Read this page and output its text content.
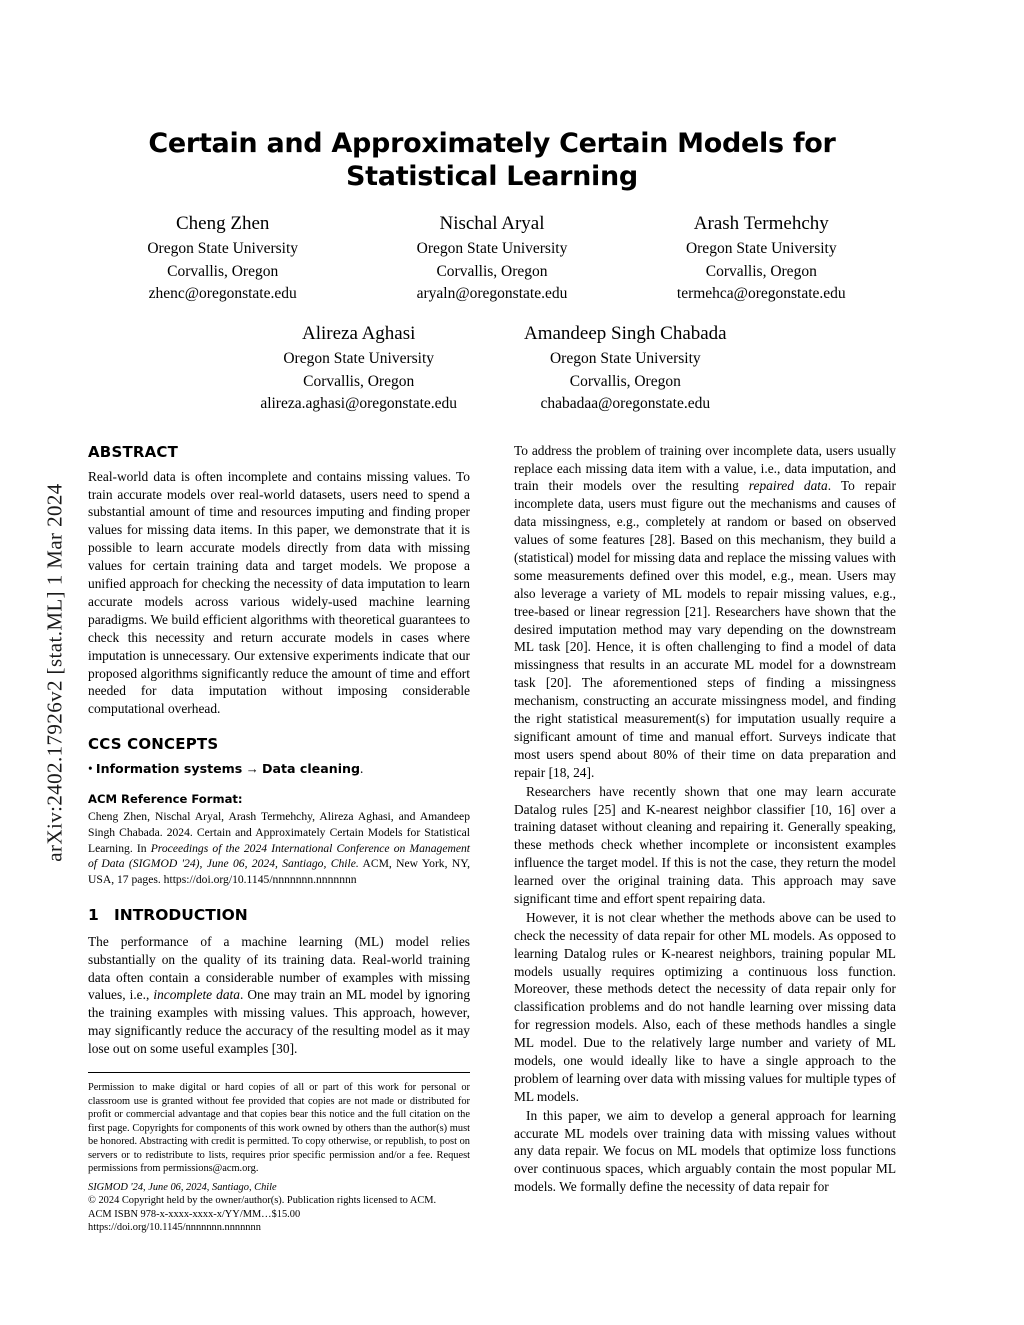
arXiv:2402.17926v2 [stat.ML] 1 Mar 2024
Certain and Approximately Certain Models for Statistical Learning
Cheng Zhen
Oregon State University
Corvallis, Oregon
zhenc@oregonstate.edu
Nischal Aryal
Oregon State University
Corvallis, Oregon
aryaln@oregonstate.edu
Arash Termehchy
Oregon State University
Corvallis, Oregon
termehca@oregonstate.edu
Alireza Aghasi
Oregon State University
Corvallis, Oregon
alireza.aghasi@oregonstate.edu
Amandeep Singh Chabada
Oregon State University
Corvallis, Oregon
chabadaa@oregonstate.edu
ABSTRACT

Real-world data is often incomplete and contains missing values. To train accurate models over real-world datasets, users need to spend a substantial amount of time and resources imputing and finding proper values for missing data items. In this paper, we demonstrate that it is possible to learn accurate models directly from data with missing values for certain training data and target models. We propose a unified approach for checking the necessity of data imputation to learn accurate models across various widely-used machine learning paradigms. We build efficient algorithms with theoretical guarantees to check this necessity and return accurate models in cases where imputation is unnecessary. Our extensive experiments indicate that our proposed algorithms significantly reduce the amount of time and effort needed for data imputation without imposing considerable computational overhead.

CCS CONCEPTS
• Information systems → Data cleaning.
ACM Reference Format:
Cheng Zhen, Nischal Aryal, Arash Termehchy, Alireza Aghasi, and Amandeep Singh Chabada. 2024. Certain and Approximately Certain Models for Statistical Learning. In Proceedings of the 2024 International Conference on Management of Data (SIGMOD '24), June 06, 2024, Santiago, Chile. ACM, New York, NY, USA, 17 pages. https://doi.org/10.1145/nnnnnnn.nnnnnnn
1 INTRODUCTION

The performance of a machine learning (ML) model relies substantially on the quality of its training data. Real-world training data often contain a considerable number of examples with missing values, i.e., incomplete data. One may train an ML model by ignoring the training examples with missing values. This approach, however, may significantly reduce the accuracy of the resulting model as it may lose out on some useful examples [30].

Permission to make digital or hard copies of all or part of this work for personal or classroom use is granted without fee provided that copies are not made or distributed for profit or commercial advantage and that copies bear this notice and the full citation on the first page. Copyrights for components of this work owned by others than the author(s) must be honored. Abstracting with credit is permitted. To copy otherwise, or republish, to post on servers or to redistribute to lists, requires prior specific permission and/or a fee. Request permissions from permissions@acm.org.
SIGMOD '24, June 06, 2024, Santiago, Chile
© 2024 Copyright held by the owner/author(s). Publication rights licensed to ACM.
ACM ISBN 978-x-xxxx-xxxx-x/YY/MM…$15.00
https://doi.org/10.1145/nnnnnnn.nnnnnnn

To address the problem of training over incomplete data, users usually replace each missing data item with a value, i.e., data imputation, and train their models over the resulting repaired data. To repair incomplete data, users must figure out the mechanisms and causes of data missingness, e.g., completely at random or based on observed values of some features [28]. Based on this mechanism, they build a (statistical) model for missing data and replace the missing values with some measurements defined over this model, e.g., mean. Users may also leverage a variety of ML models to repair missing values, e.g., tree-based or linear regression [21]. Researchers have shown that the desired imputation method may vary depending on the downstream ML task [20]. Hence, it is often challenging to find a model of data missingness that results in an accurate ML model for a downstream task [20]. The aforementioned steps of finding a missingness mechanism, constructing an accurate missingness model, and finding the right statistical measurement(s) for imputation usually require a significant amount of time and manual effort. Surveys indicate that most users spend about 80% of their time on data preparation and repair [18, 24].

Researchers have recently shown that one may learn accurate Datalog rules [25] and K-nearest neighbor classifier [10, 16] over a training dataset without cleaning and repairing it. Generally speaking, these methods check whether incomplete or inconsistent examples influence the target model. If this is not the case, they return the model learned over the original training data. This approach may save significant time and effort spent repairing data.

However, it is not clear whether the methods above can be used to check the necessity of data repair for other ML models. As opposed to learning Datalog rules or K-nearest neighbors, training popular ML models usually requires optimizing a continuous loss function. Moreover, these methods detect the necessity of data repair only for classification problems and do not handle learning over missing data for regression models. Also, each of these methods handles a single ML model. Due to the relatively large number and variety of ML models, one would ideally like to have a single approach to the problem of learning over data with missing values for multiple types of ML models.

In this paper, we aim to develop a general approach for learning accurate ML models over training data with missing values without any data repair. We focus on ML models that optimize loss functions over continuous spaces, which arguably contain the most popular ML models. We formally define the necessity of data repair for
